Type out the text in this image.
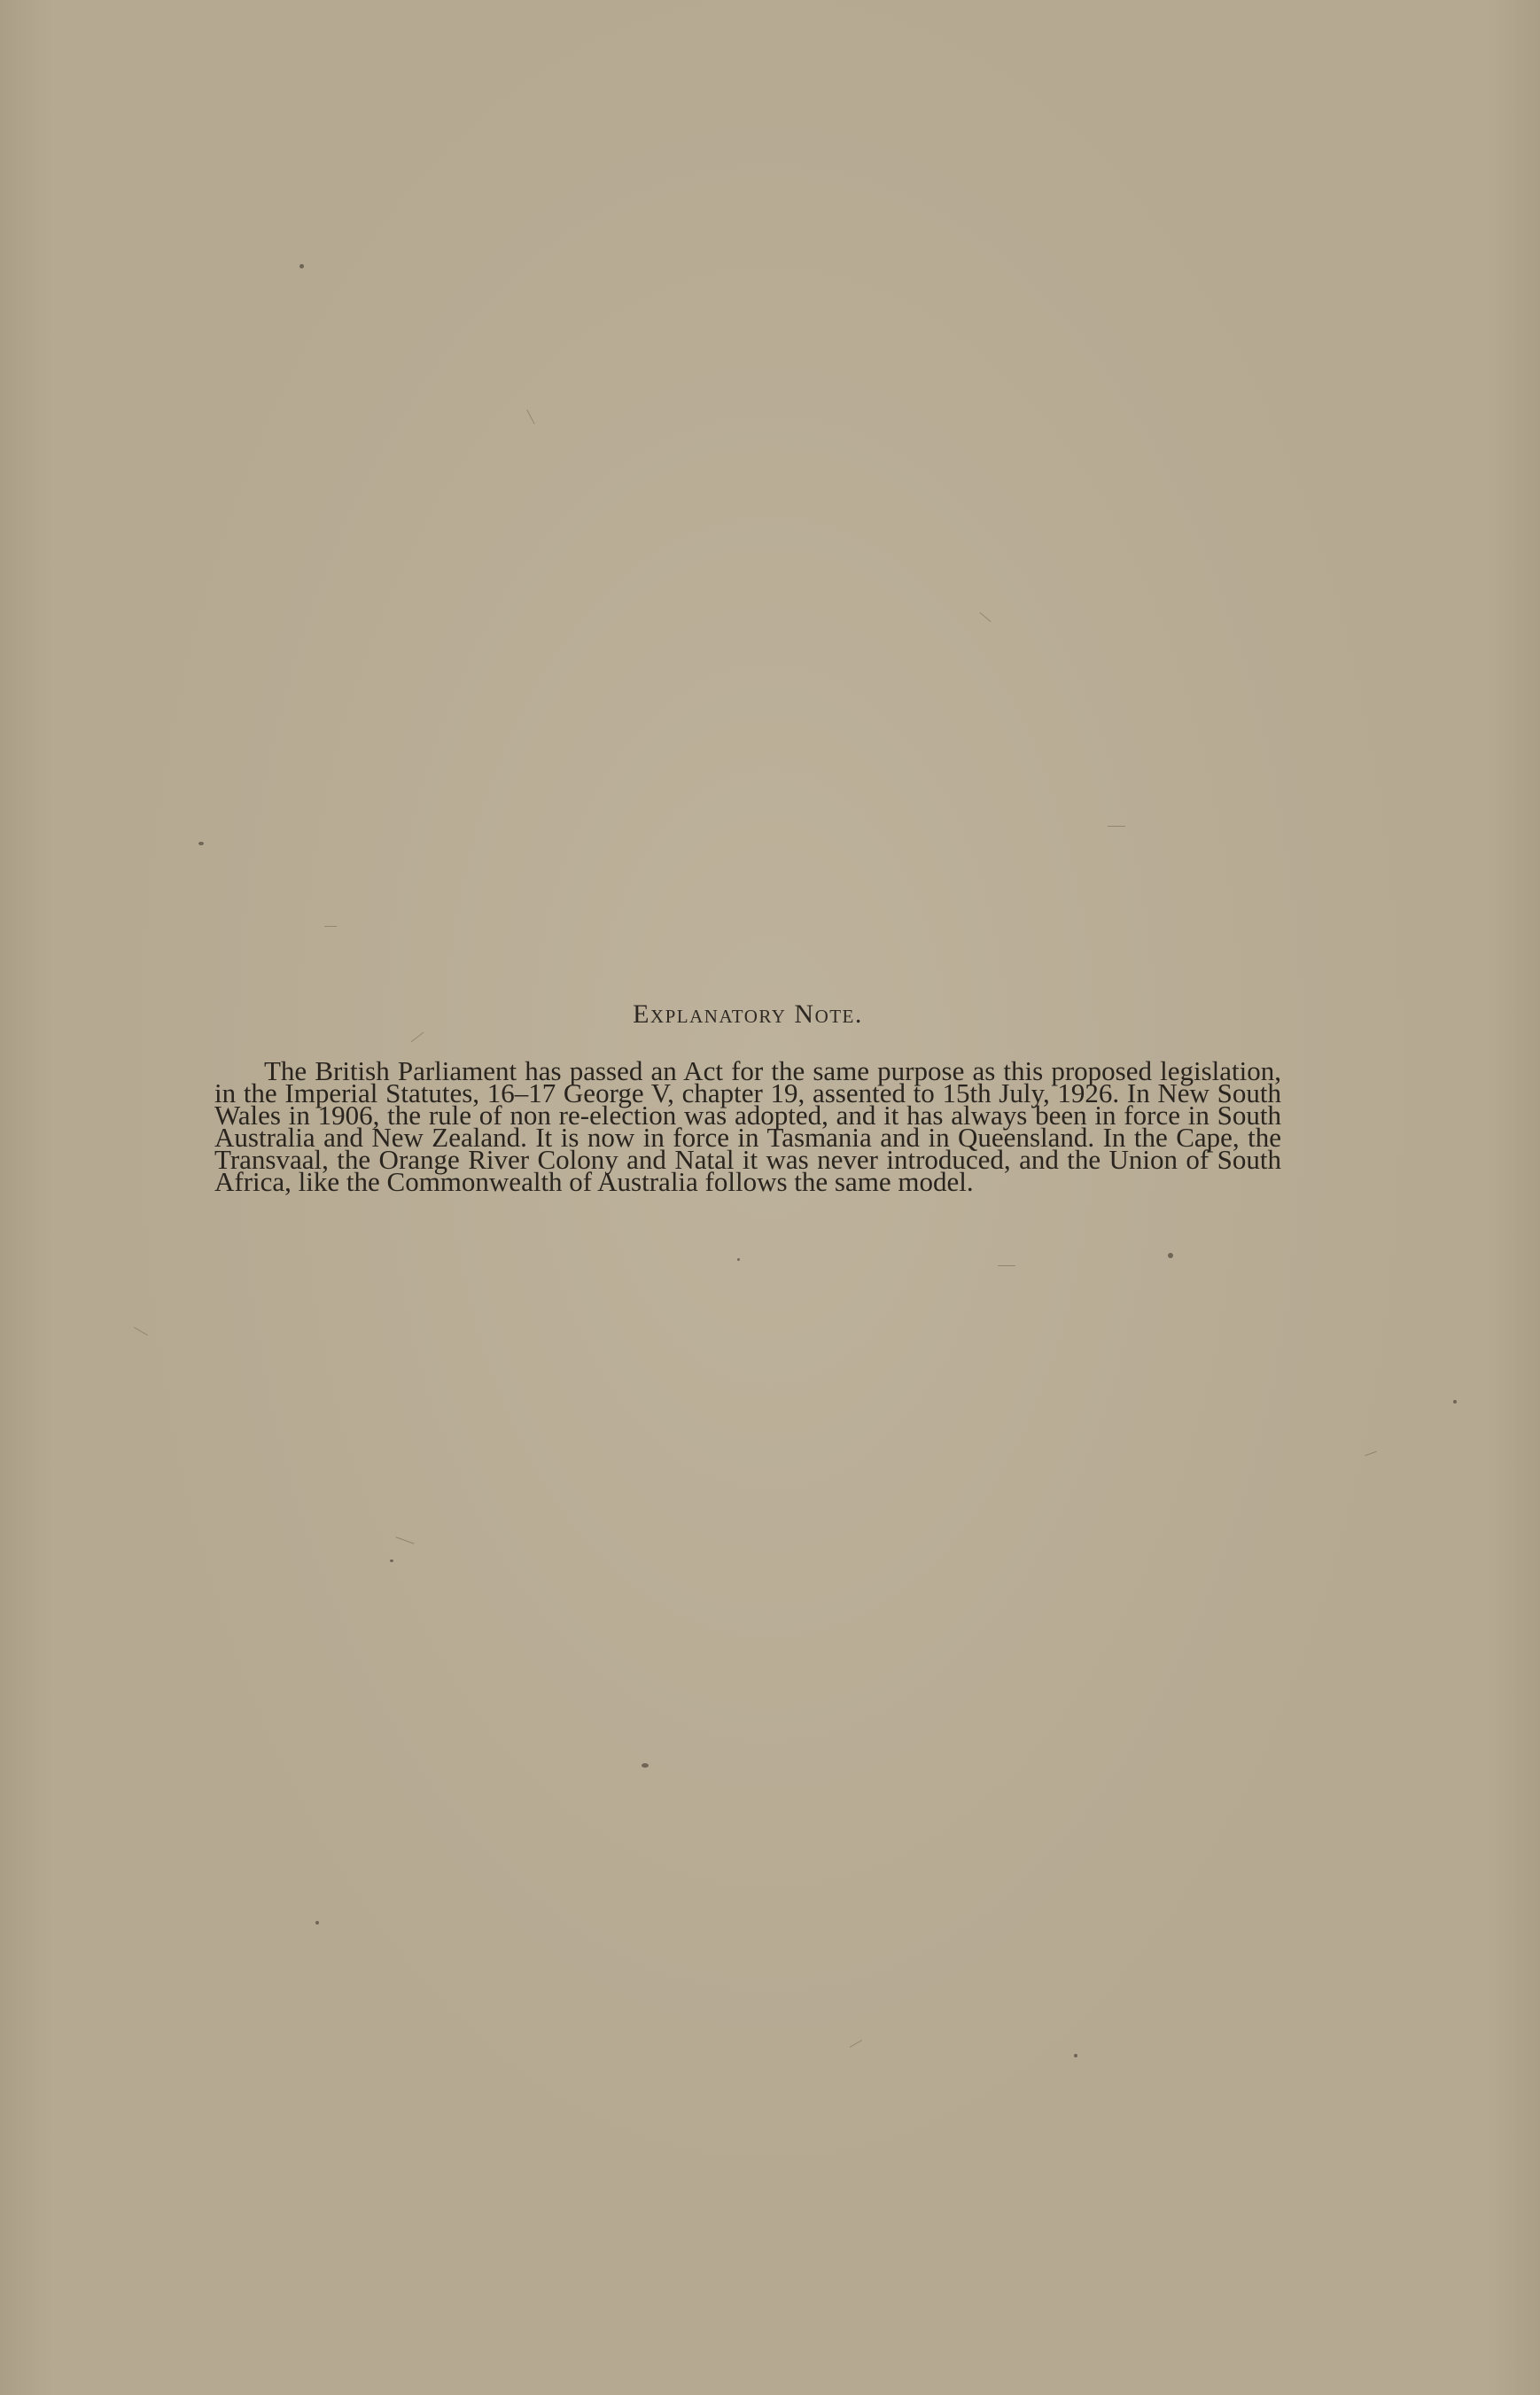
Explanatory Note.

The British Parliament has passed an Act for the same purpose as this proposed legislation, in the Imperial Statutes, 16–17 George V, chapter 19, assented to 15th July, 1926. In New South Wales in 1906, the rule of non re-election was adopted, and it has always been in force in South Australia and New Zealand. It is now in force in Tasmania and in Queensland. In the Cape, the Transvaal, the Orange River Colony and Natal it was never introduced, and the Union of South Africa, like the Commonwealth of Australia follows the same model.
